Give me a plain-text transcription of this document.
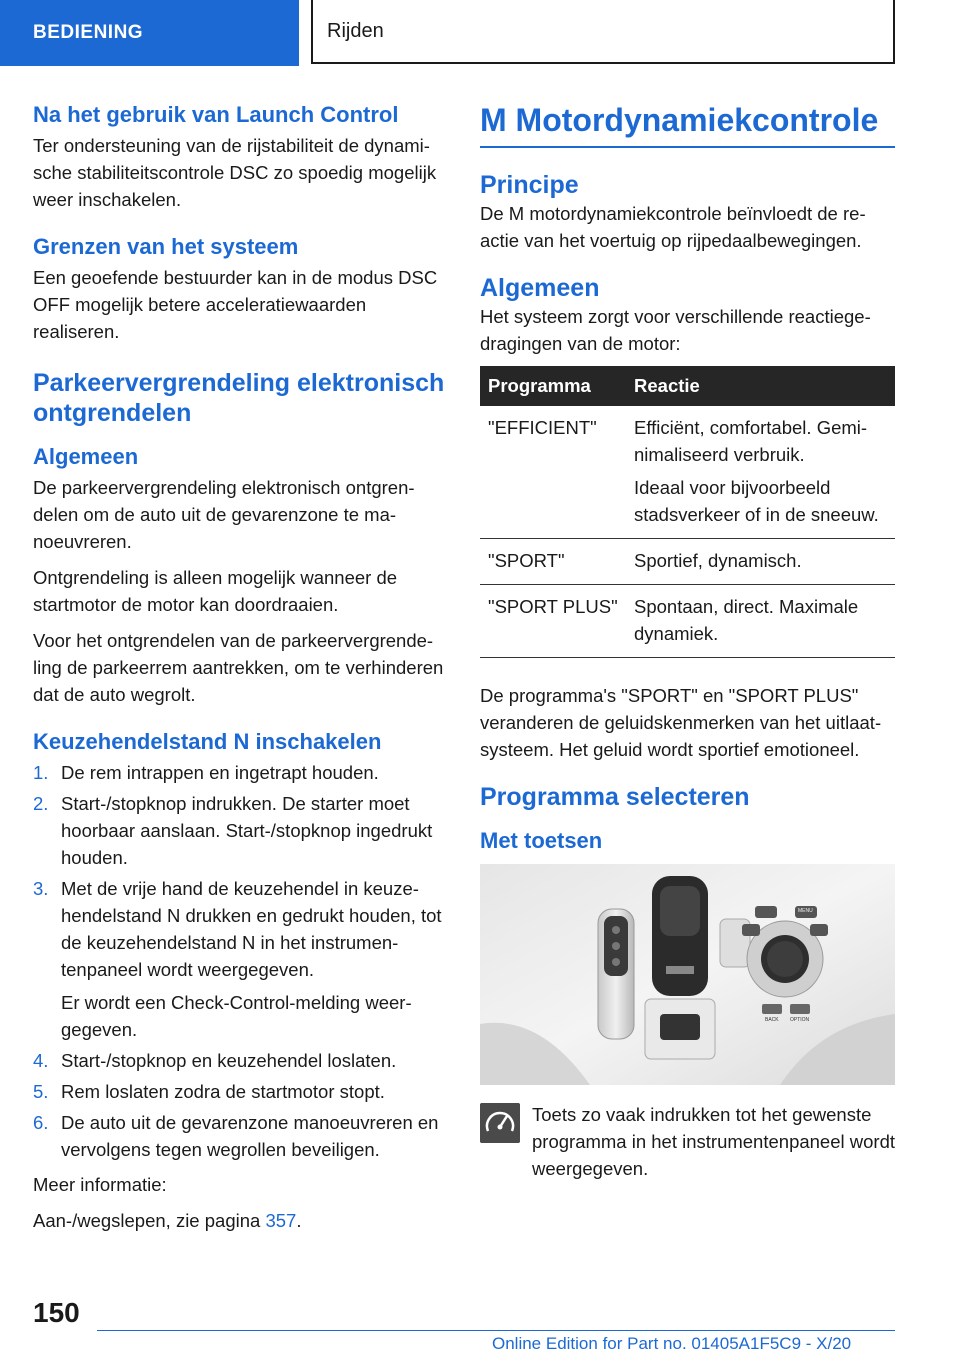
BEDIENING	Rijden
Na het gebruik van Launch Control

Ter ondersteuning van de rijstabiliteit de dynamische stabiliteitscontrole DSC zo spoedig mogelijk weer inschakelen.

Grenzen van het systeem

Een geoefende bestuurder kan in de modus DSC OFF mogelijk betere acceleratiewaarden realiseren.

Parkeervergrendeling elektronisch ontgrendelen
Algemeen

De parkeervergrendeling elektronisch ontgrendelen om de auto uit de gevarenzone te manoeuvreren.

Ontgrendeling is alleen mogelijk wanneer de startmotor de motor kan doordraaien.

Voor het ontgrendelen van de parkeervergrendeling de parkeerrem aantrekken, om te verhinderen dat de auto wegrolt.

Keuzehendelstand N inschakelen
1. De rem intrappen en ingetrapt houden.
2. Start-/stopknop indrukken. De starter moet hoorbaar aanslaan. Start-/stopknop ingedrukt houden.
3. Met de vrije hand de keuzehendel in keuzehendelstand N drukken en gedrukt houden, tot de keuzehendelstand N in het instrumentenpaneel wordt weergegeven.
Er wordt een Check-Control-melding weergegeven.
4. Start-/stopknop en keuzehendel loslaten.
5. Rem loslaten zodra de startmotor stopt.
6. De auto uit de gevarenzone manoeuvreren en vervolgens tegen wegrollen beveiligen.

Meer informatie:

Aan-/wegslepen, zie pagina 357.

M Motordynamiekcontrole
Principe

De M motordynamiekcontrole beïnvloedt de reactie van het voertuig op rijpedaalbewegingen.

Algemeen

Het systeem zorgt voor verschillende reactiegedragingen van de motor:

Programma	Reactie
"EFFICIENT"	Efficiënt, comfortabel. Geminimaliseerd verbruik.
Ideaal voor bijvoorbeeld stadsverkeer of in de sneeuw.

"SPORT"	Sportief, dynamisch.
"SPORT PLUS"	Spontaan, direct. Maximale dynamiek.

De programma's "SPORT" en "SPORT PLUS" veranderen de geluidskenmerken van het uitlaatsysteem. Het geluid wordt sportief emotioneel.

Programma selecteren
Met toetsen
MENU
BACK OPTION
Toets zo vaak indrukken tot het gewenste programma in het instrumentenpaneel wordt weergegeven.
150
Online Edition for Part no. 01405A1F5C9 - X/20
